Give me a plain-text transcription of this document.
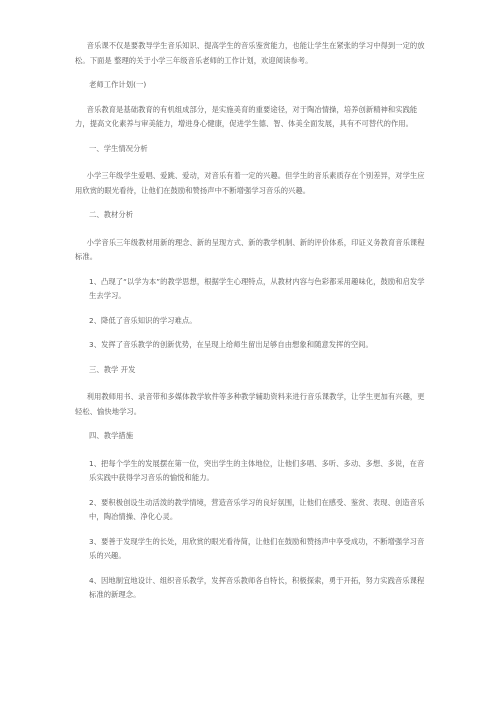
音乐课不仅是要教导学生音乐知识、提高学生的音乐鉴赏能力，也能让学生在紧张的学习中得到一定的放松。下面是 整理的关于小学三年级音乐老师的工作计划，欢迎阅读参考。

老师工作计划(一)

音乐教育是基础教育的有机组成部分，是实施美育的重要途径，对于陶冶情操，培养创新精神和实践能力，提高文化素养与审美能力，增进身心健康，促进学生德、智、体美全面发展，具有不可替代的作用。

一、学生情况分析

小学三年级学生爱唱、爱跳、爱动，对音乐有着一定的兴趣。但学生的音乐素质存在个别差异，对学生应用欣赏的眼光看待，让他们在鼓励和赞扬声中不断增强学习音乐的兴趣。

二、教材分析

小学音乐三年级教材用新的理念、新的呈现方式、新的教学机制、新的评价体系，印证义务教育音乐课程标准。

1、凸现了“以学为本”的教学思想，根据学生心理特点，从教材内容与色彩都采用趣味化，鼓励和启发学生去学习。

2、降低了音乐知识的学习难点。

3、发挥了音乐教学的创新优势，在呈现上给师生留出足够自由想象和随意发挥的空间。

三、教学 开发

利用教师用书、录音带和多媒体教学软件等多种教学辅助资料来进行音乐课教学，让学生更加有兴趣，更轻松、愉快地学习。

四、教学措施

1、把每个学生的发展摆在第一位，突出学生的主体地位，让他们多唱、多听、多动、多想、多说，在音乐实践中获得学习音乐的愉悦和能力。

2、要积极创设生动活泼的教学情境，营造音乐学习的良好氛围，让他们在感受、鉴赏、表现、创造音乐中，陶冶情操、净化心灵。

3、要善于发现学生的长处，用欣赏的眼光看待简，让他们在鼓励和赞扬声中享受成功，不断增强学习音乐的兴趣。

4、因地制宜地设计、组织音乐教学，发挥音乐教师各自特长，积极探索，勇于开拓，努力实践音乐课程标准的新理念。
